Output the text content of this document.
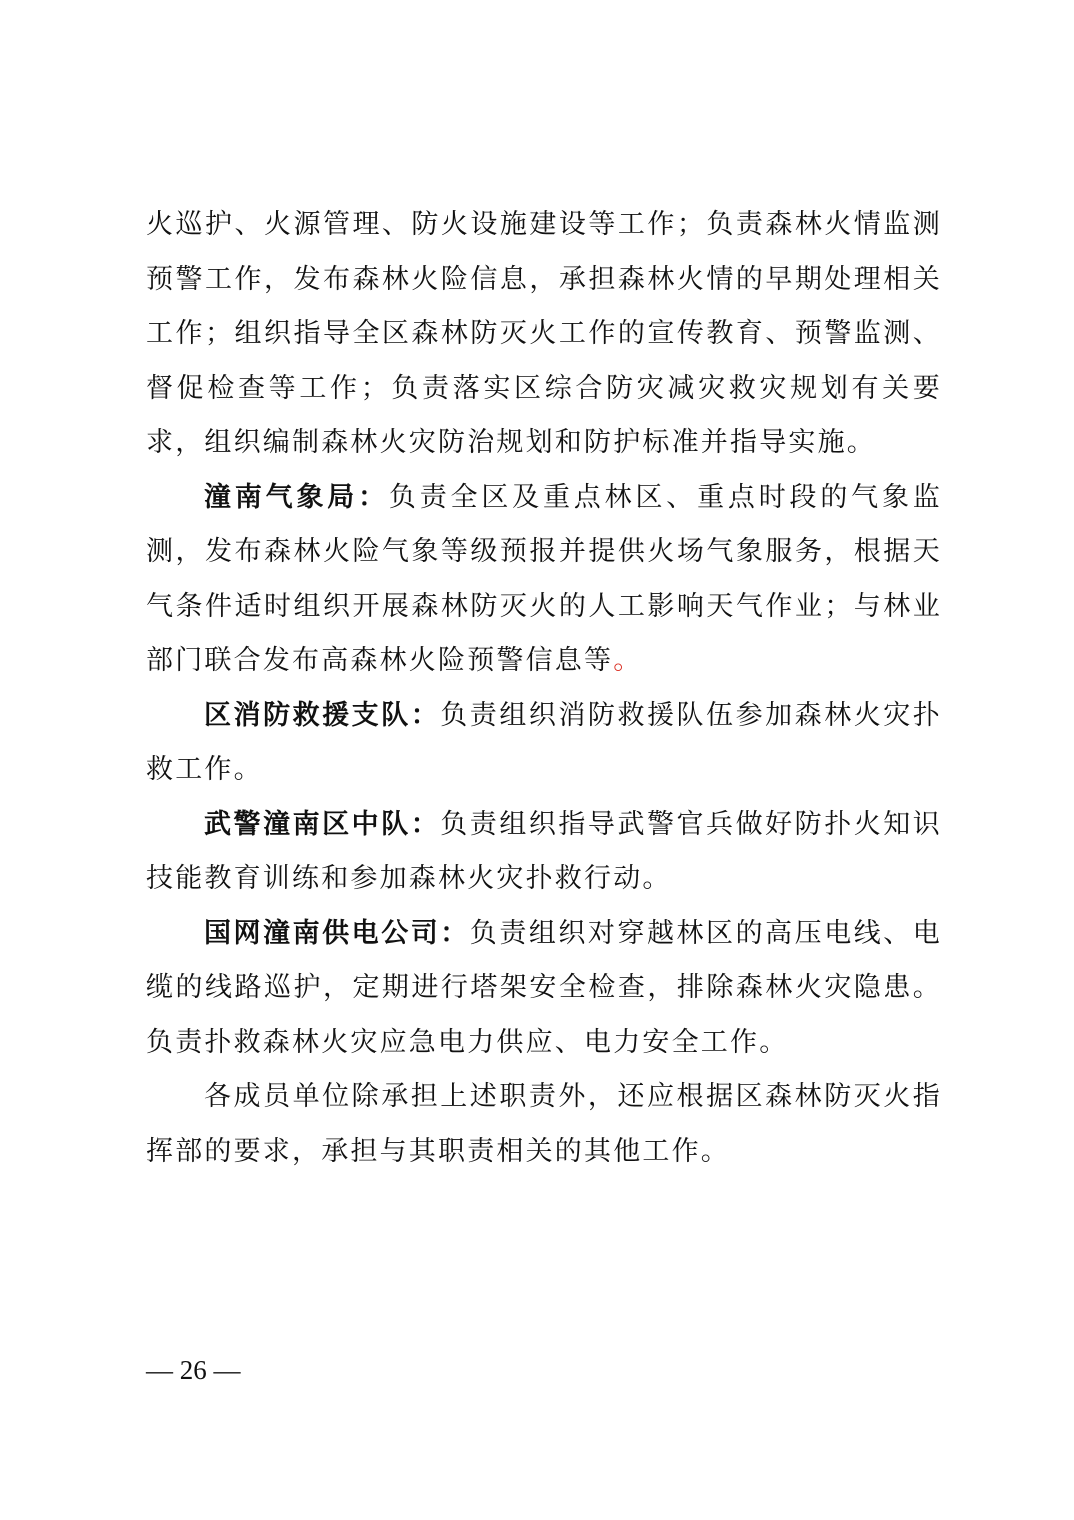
火巡护、火源管理、防火设施建设等工作；负责森林火情监测预警工作，发布森林火险信息，承担森林火情的早期处理相关工作；组织指导全区森林防灭火工作的宣传教育、预警监测、督促检查等工作；负责落实区综合防灾减灾救灾规划有关要求，组织编制森林火灾防治规划和防护标准并指导实施。

潼南气象局：负责全区及重点林区、重点时段的气象监测，发布森林火险气象等级预报并提供火场气象服务，根据天气条件适时组织开展森林防灭火的人工影响天气作业；与林业部门联合发布高森林火险预警信息等。

区消防救援支队：负责组织消防救援队伍参加森林火灾扑救工作。

武警潼南区中队：负责组织指导武警官兵做好防扑火知识技能教育训练和参加森林火灾扑救行动。

国网潼南供电公司：负责组织对穿越林区的高压电线、电缆的线路巡护，定期进行塔架安全检查，排除森林火灾隐患。负责扑救森林火灾应急电力供应、电力安全工作。

各成员单位除承担上述职责外，还应根据区森林防灭火指挥部的要求，承担与其职责相关的其他工作。

— 26 —
